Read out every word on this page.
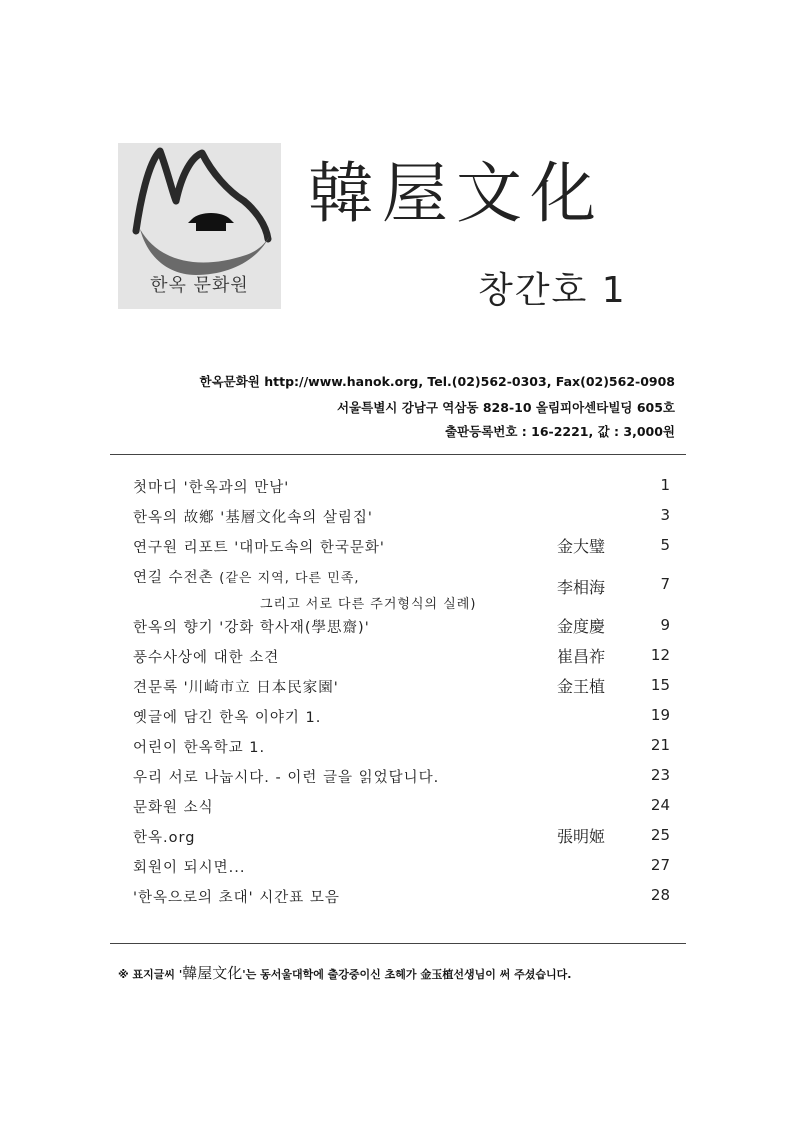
한옥 문화원
韓屋文化
창간호 1
한옥문화원 http://www.hanok.org, Tel.(02)562-0303, Fax(02)562-0908
서울특별시 강남구 역삼동 828-10 올림피아센타빌딩 605호
출판등록번호 : 16-2221, 값 : 3,000원
첫마디 '한옥과의 만남'	1
한옥의 故鄕 '基層文化속의 살림집'	3
연구원 리포트 '대마도속의 한국문화'	金大璧	5
연길 수전촌 (같은 지역, 다른 민족,
그리고 서로 다른 주거형식의 실례)
李相海	7
한옥의 향기 '강화 학사재(學思齋)'	金度慶	9
풍수사상에 대한 소견	崔昌祚	12
견문록 '川崎市立 日本民家園'	金王植	15
옛글에 담긴 한옥 이야기 1.	19
어린이 한옥학교 1.	21
우리 서로 나눕시다. - 이런 글을 읽었답니다.	23
문화원 소식	24
한옥.org	張明姬	25
회원이 되시면...	27
'한옥으로의 초대' 시간표 모음	28
※ 표지글씨 '韓屋文化'는 동서울대학에 출강중이신 초헤가 金玉植선생님이 써 주셨습니다.
